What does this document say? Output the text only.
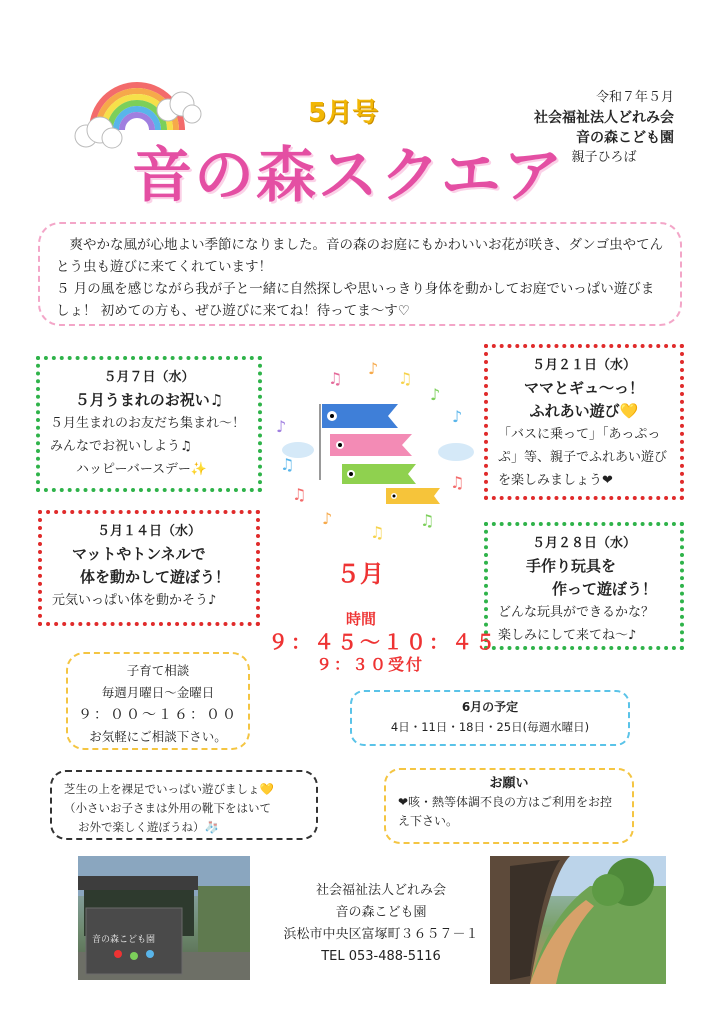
5月号
音の森スクエア
令和７年５月
社会福祉法人どれみ会
音の森こども園
親子ひろば
爽やかな風が心地よい季節になりました。音の森のお庭にもかわいいお花が咲き、ダンゴ虫やてんとう虫も遊びに来てくれています！
５ 月の風を感じながら我が子と一緒に自然探しや思いっきり身体を動かしてお庭でいっぱい遊びましょ！ 初めての方も、ぜひ遊びに来てね！待ってま～す♡
５月７日（水）
５月うまれのお祝い♫
５月生まれのお友だち集まれ～！
みんなでお祝いしよう♫
ハッピーバースデー✨
５月２１日（水）
ママとギュ～っ！
ふれあい遊び💛
「バスに乗って」「あっぷっぷ」等、親子でふれあい遊びを楽しみましょう❤
５月１４日（水）
マットやトンネルで
体を動かして遊ぼう！
元気いっぱい体を動かそう♪
５月２８日（水）
手作り玩具を
作って遊ぼう！
どんな玩具ができるかな？
楽しみにして来てね～♪
♫
♪
♫
♪
♪
♪
♫
♫
♪
♫
♫
♫
５月
時間
９：４５～１０：４５
９：３０受付
子育て相談
毎週月曜日～金曜日
９：００～１６：００
お気軽にご相談下さい。
6月の予定
4日・11日・18日・25日(毎週水曜日)
芝生の上を裸足でいっぱい遊びましょ💛
（小さいお子さまは外用の靴下をはいて
お外で楽しく遊ぼうね）🧦
お願い
❤咳・熱等体調不良の方はご利用をお控え下さい。
音の森こども園
社会福祉法人どれみ会
音の森こども園
浜松市中央区富塚町３６５７－１
TEL 053-488-5116
